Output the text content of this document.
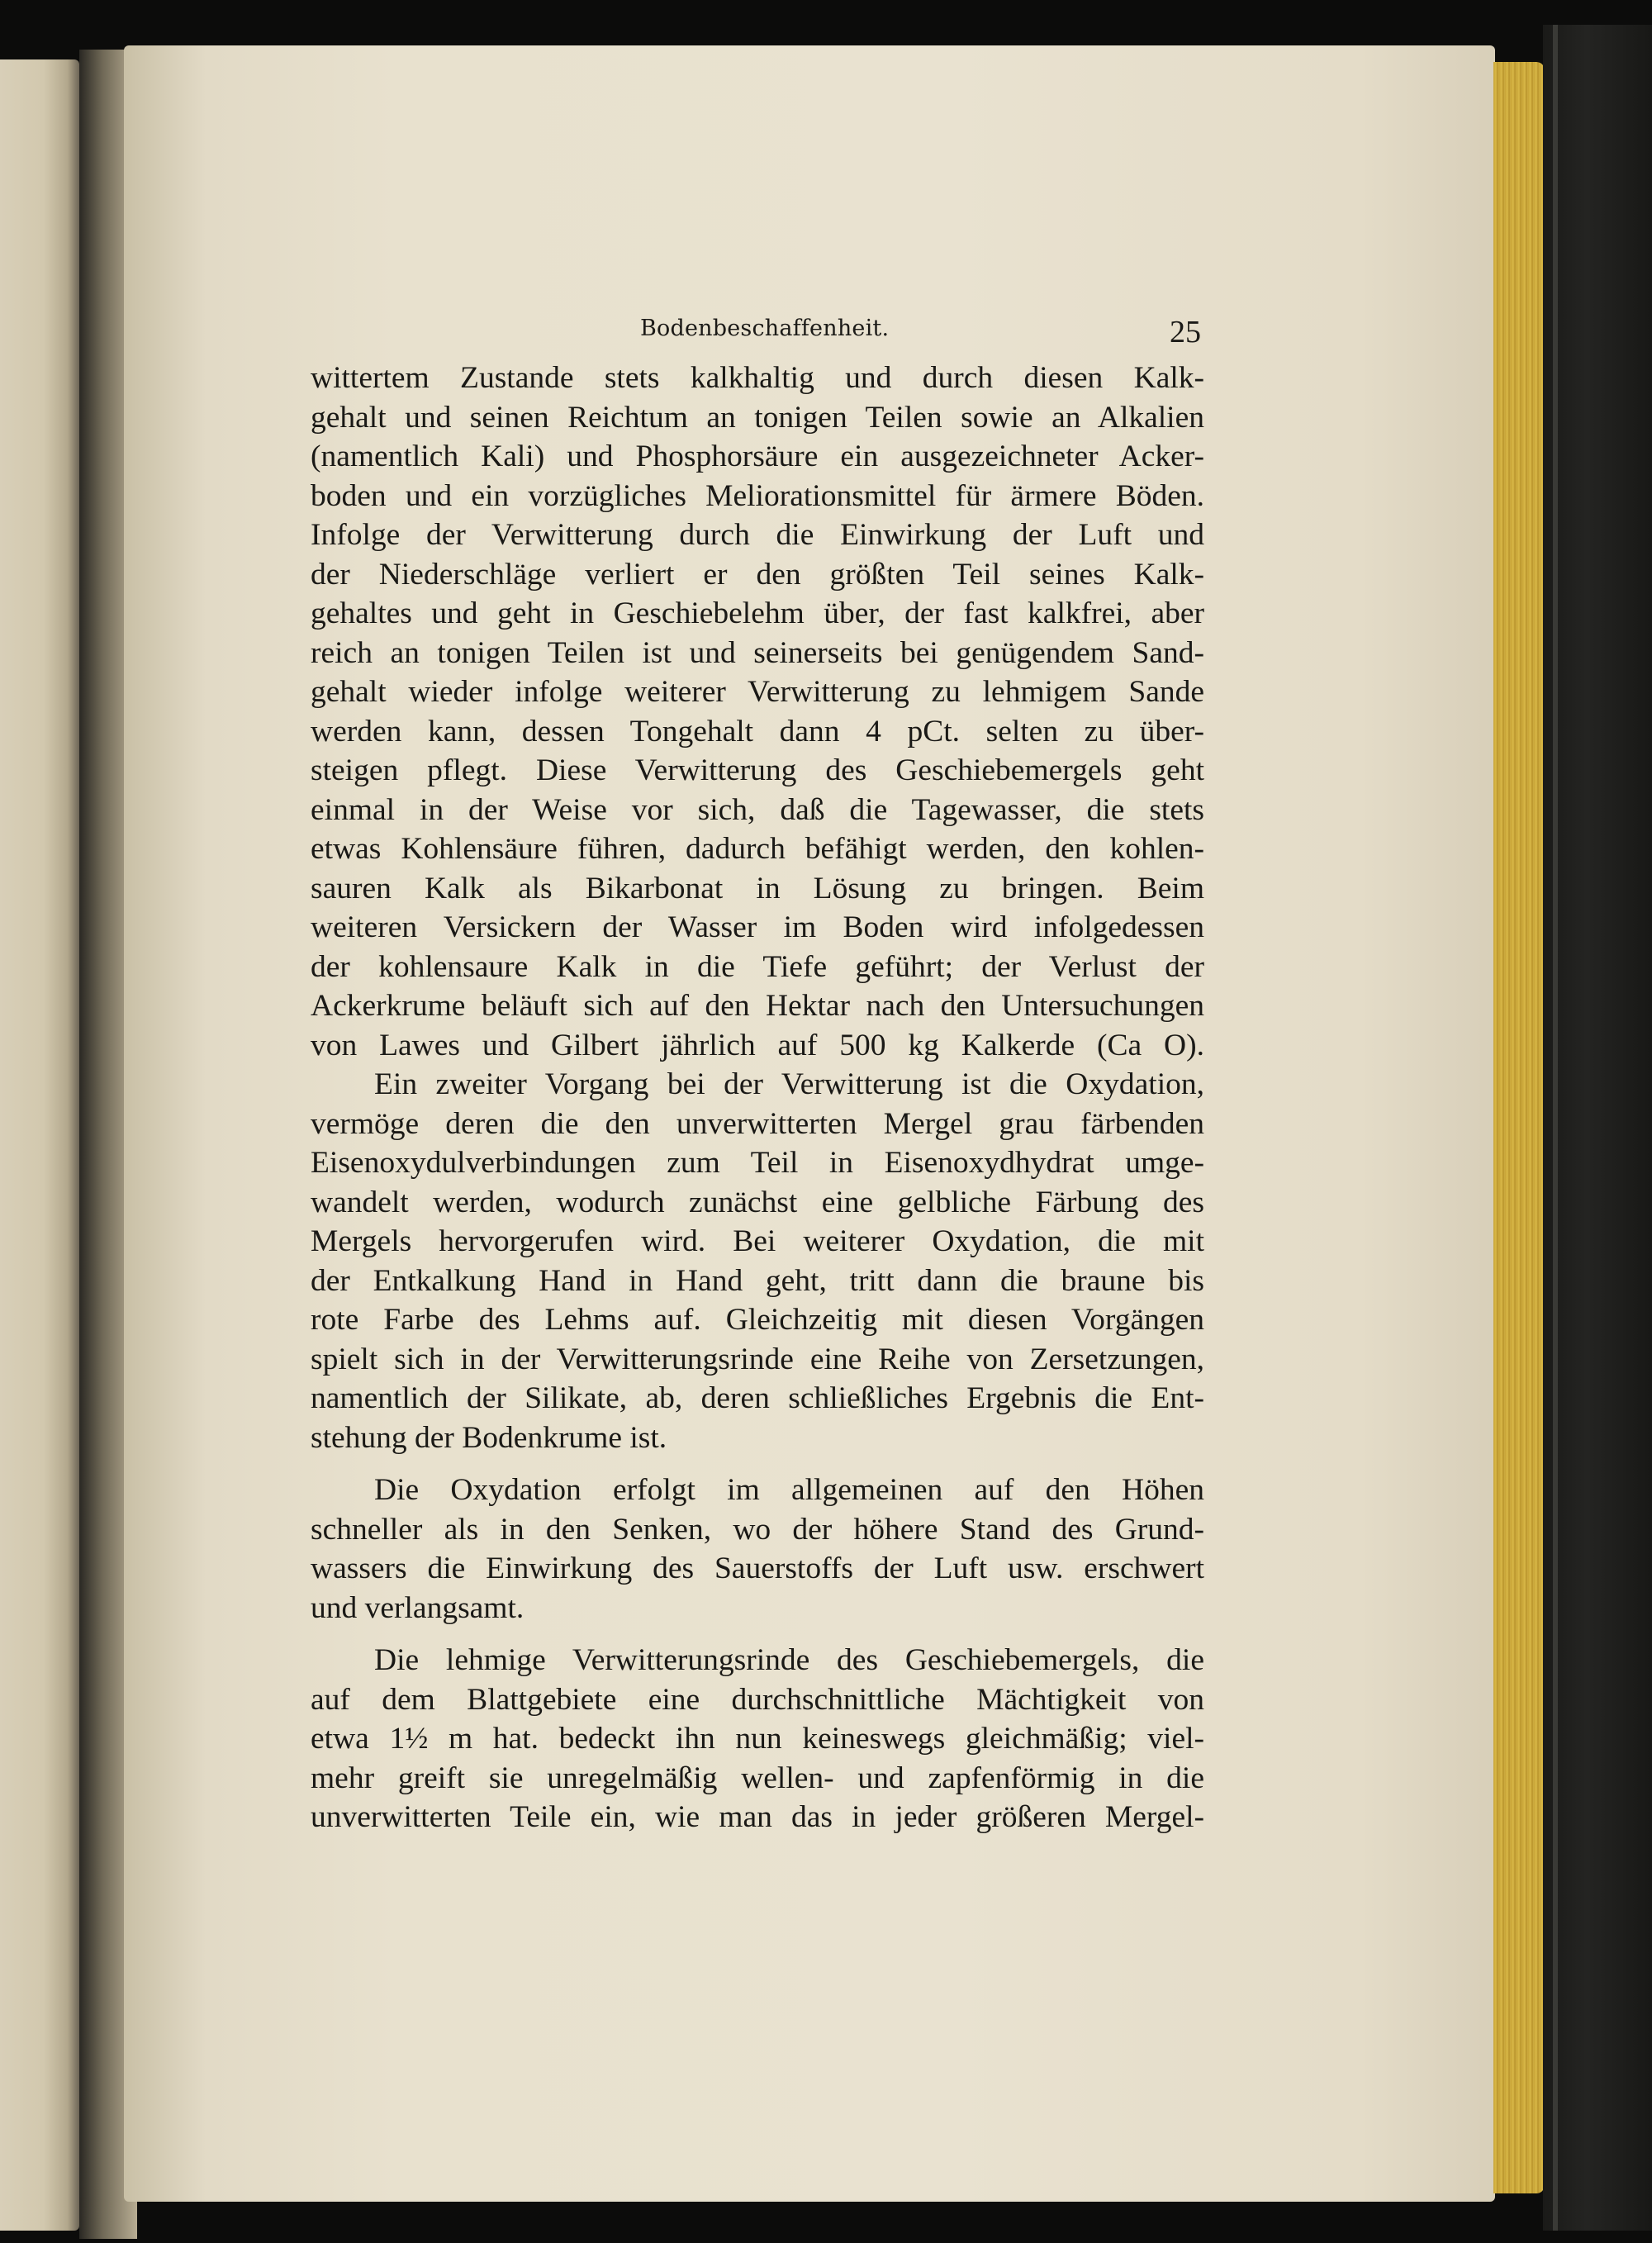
Bodenbeschaffenheit.	25
wittertem Zustande stets kalkhaltig und durch diesen Kalk-
gehalt und seinen Reichtum an tonigen Teilen sowie an Alkalien
(namentlich Kali) und Phosphorsäure ein ausgezeichneter Acker-
boden und ein vorzügliches Meliorationsmittel für ärmere Böden.
Infolge der Verwitterung durch die Einwirkung der Luft und
der Niederschläge verliert er den größten Teil seines Kalk-
gehaltes und geht in Geschiebelehm über, der fast kalkfrei, aber
reich an tonigen Teilen ist und seinerseits bei genügendem Sand-
gehalt wieder infolge weiterer Verwitterung zu lehmigem Sande
werden kann, dessen Tongehalt dann 4 pCt. selten zu über-
steigen pflegt. Diese Verwitterung des Geschiebemergels geht
einmal in der Weise vor sich, daß die Tagewasser, die stets
etwas Kohlensäure führen, dadurch befähigt werden, den kohlen-
sauren Kalk als Bikarbonat in Lösung zu bringen. Beim
weiteren Versickern der Wasser im Boden wird infolgedessen
der kohlensaure Kalk in die Tiefe geführt; der Verlust der
Ackerkrume beläuft sich auf den Hektar nach den Untersuchungen
von Lawes und Gilbert jährlich auf 500 kg Kalkerde (Ca O).
Ein zweiter Vorgang bei der Verwitterung ist die Oxydation,
vermöge deren die den unverwitterten Mergel grau färbenden
Eisenoxydulverbindungen zum Teil in Eisenoxydhydrat umge-
wandelt werden, wodurch zunächst eine gelbliche Färbung des
Mergels hervorgerufen wird. Bei weiterer Oxydation, die mit
der Entkalkung Hand in Hand geht, tritt dann die braune bis
rote Farbe des Lehms auf. Gleichzeitig mit diesen Vorgängen
spielt sich in der Verwitterungsrinde eine Reihe von Zersetzungen,
namentlich der Silikate, ab, deren schließliches Ergebnis die Ent-
stehung der Bodenkrume ist.
Die Oxydation erfolgt im allgemeinen auf den Höhen
schneller als in den Senken, wo der höhere Stand des Grund-
wassers die Einwirkung des Sauerstoffs der Luft usw. erschwert
und verlangsamt.
Die lehmige Verwitterungsrinde des Geschiebemergels, die
auf dem Blattgebiete eine durchschnittliche Mächtigkeit von
etwa 1½ m hat. bedeckt ihn nun keineswegs gleichmäßig; viel-
mehr greift sie unregelmäßig wellen- und zapfenförmig in die
unverwitterten Teile ein, wie man das in jeder größeren Mergel-
